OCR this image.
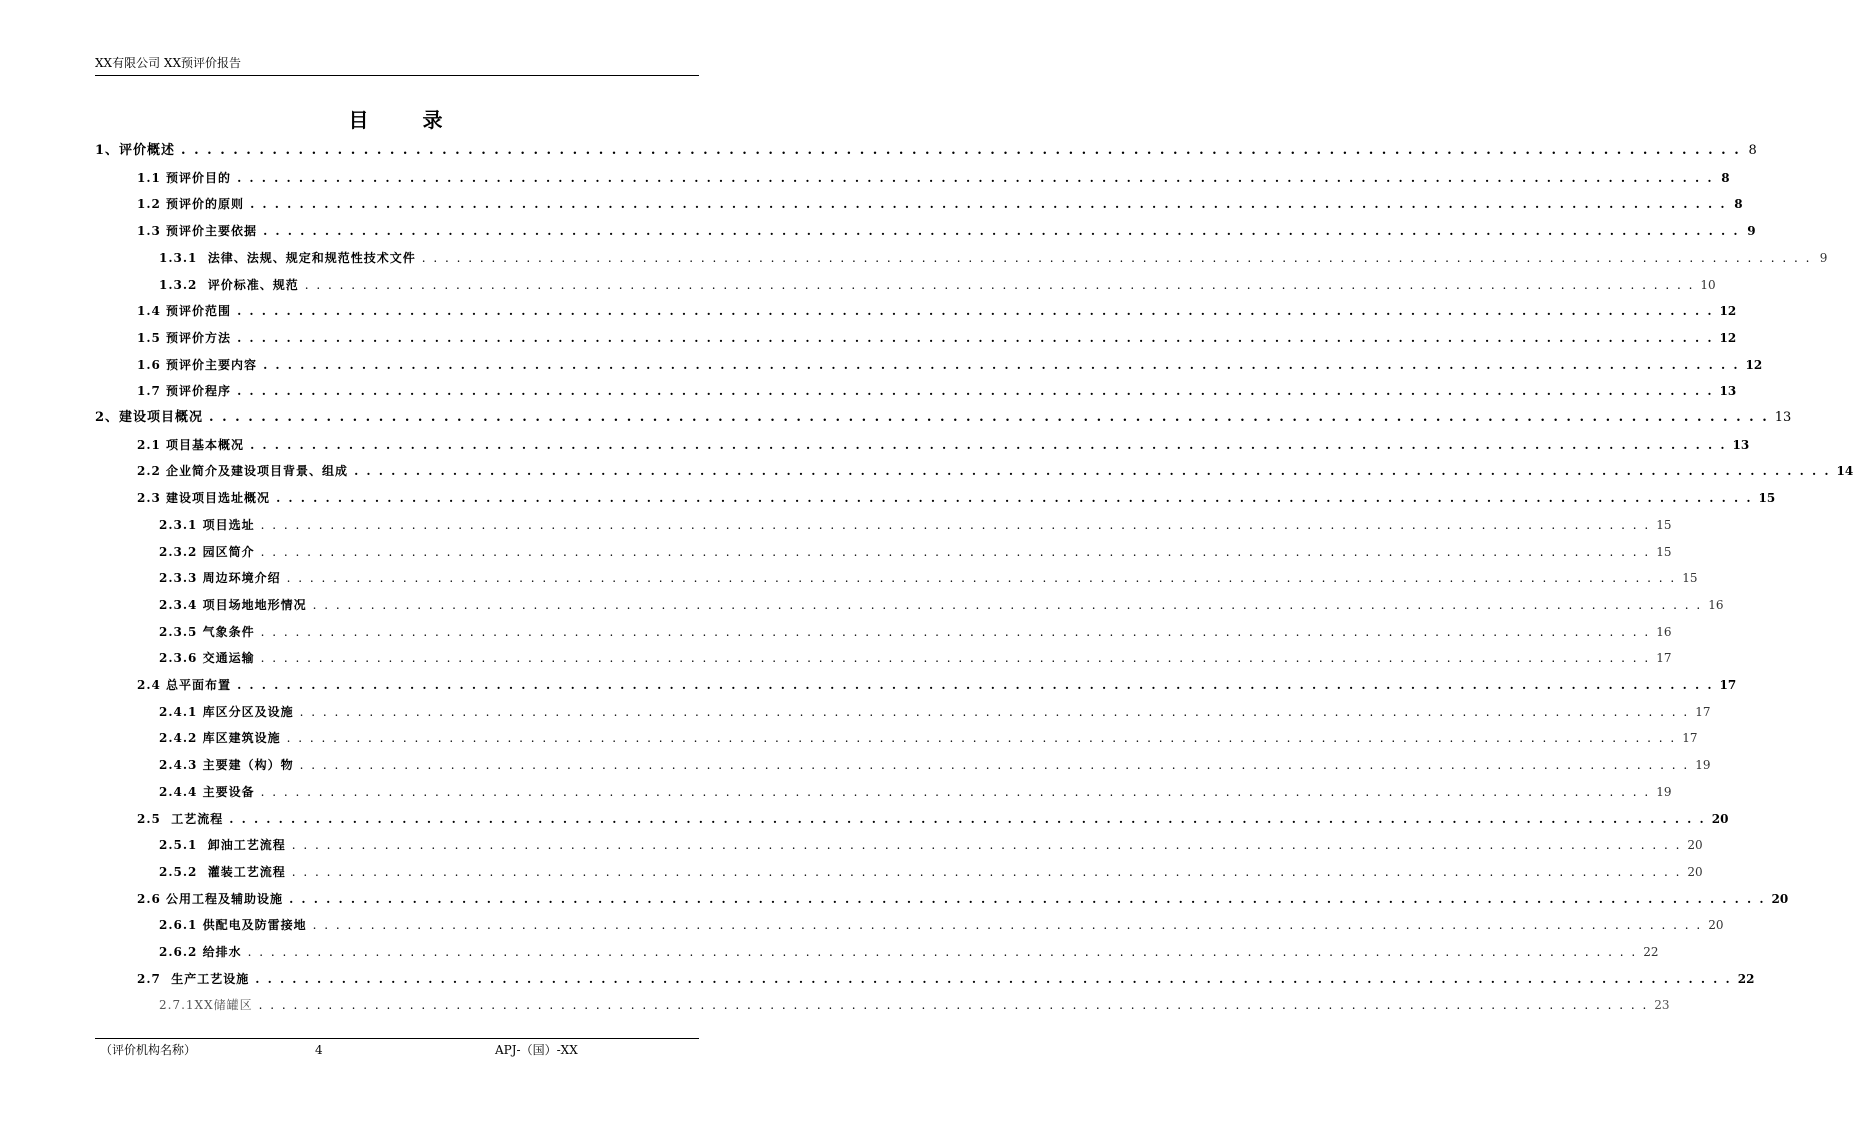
XX有限公司 XX预评价报告
目	录
1、评价概述 . . . . . . . . . . . . . . . . . . . . . . . . . . . . . . . . . . . . . . . . . . . . . . . . . . . . . . . . . . . . . . . . . . . . . . . . . . . . . . . . . . . . . . . . . . . . . . . . . . . . . . . . . . . . . . . . . . . . . . . . 8
1.1 预评价目的 . . . . . . . . . . . . . . . . . . . . . . . . . . . . . . . . . . . . . . . . . . . . . . . . . . . . . . . . . . . . . . . . . . . . . . . . . . . . . . . . . . . . . . . . . . . . . . . . . . . . . . . . . . . . . . . . . . . . . . . . 8
1.2 预评价的原则 . . . . . . . . . . . . . . . . . . . . . . . . . . . . . . . . . . . . . . . . . . . . . . . . . . . . . . . . . . . . . . . . . . . . . . . . . . . . . . . . . . . . . . . . . . . . . . . . . . . . . . . . . . . . . . . . . . . . . . . . 8
1.3 预评价主要依据 . . . . . . . . . . . . . . . . . . . . . . . . . . . . . . . . . . . . . . . . . . . . . . . . . . . . . . . . . . . . . . . . . . . . . . . . . . . . . . . . . . . . . . . . . . . . . . . . . . . . . . . . . . . . . . . . . . . . . . . . 9
1.3.1  法律、法规、规定和规范性技术文件 . . . . . . . . . . . . . . . . . . . . . . . . . . . . . . . . . . . . . . . . . . . . . . . . . . . . . . . . . . . . . . . . . . . . . . . . . . . . . . . . . . . . . . . . . . . . . . . . . . . . . . . . . . . . . . . . . . . . . . . . 9
1.3.2  评价标准、规范 . . . . . . . . . . . . . . . . . . . . . . . . . . . . . . . . . . . . . . . . . . . . . . . . . . . . . . . . . . . . . . . . . . . . . . . . . . . . . . . . . . . . . . . . . . . . . . . . . . . . . . . . . . . . . . . . . . . . . . . . 10
1.4 预评价范围 . . . . . . . . . . . . . . . . . . . . . . . . . . . . . . . . . . . . . . . . . . . . . . . . . . . . . . . . . . . . . . . . . . . . . . . . . . . . . . . . . . . . . . . . . . . . . . . . . . . . . . . . . . . . . . . . . . . . . . . . 12
1.5 预评价方法 . . . . . . . . . . . . . . . . . . . . . . . . . . . . . . . . . . . . . . . . . . . . . . . . . . . . . . . . . . . . . . . . . . . . . . . . . . . . . . . . . . . . . . . . . . . . . . . . . . . . . . . . . . . . . . . . . . . . . . . . 12
1.6 预评价主要内容 . . . . . . . . . . . . . . . . . . . . . . . . . . . . . . . . . . . . . . . . . . . . . . . . . . . . . . . . . . . . . . . . . . . . . . . . . . . . . . . . . . . . . . . . . . . . . . . . . . . . . . . . . . . . . . . . . . . . . . . . 12
1.7 预评价程序 . . . . . . . . . . . . . . . . . . . . . . . . . . . . . . . . . . . . . . . . . . . . . . . . . . . . . . . . . . . . . . . . . . . . . . . . . . . . . . . . . . . . . . . . . . . . . . . . . . . . . . . . . . . . . . . . . . . . . . . . 13
2、建设项目概况 . . . . . . . . . . . . . . . . . . . . . . . . . . . . . . . . . . . . . . . . . . . . . . . . . . . . . . . . . . . . . . . . . . . . . . . . . . . . . . . . . . . . . . . . . . . . . . . . . . . . . . . . . . . . . . . . . . . . . . . . 13
2.1 项目基本概况 . . . . . . . . . . . . . . . . . . . . . . . . . . . . . . . . . . . . . . . . . . . . . . . . . . . . . . . . . . . . . . . . . . . . . . . . . . . . . . . . . . . . . . . . . . . . . . . . . . . . . . . . . . . . . . . . . . . . . . . . 13
2.2 企业简介及建设项目背景、组成 . . . . . . . . . . . . . . . . . . . . . . . . . . . . . . . . . . . . . . . . . . . . . . . . . . . . . . . . . . . . . . . . . . . . . . . . . . . . . . . . . . . . . . . . . . . . . . . . . . . . . . . . . . . . . . . . . . . . . . . . 14
2.3 建设项目选址概况 . . . . . . . . . . . . . . . . . . . . . . . . . . . . . . . . . . . . . . . . . . . . . . . . . . . . . . . . . . . . . . . . . . . . . . . . . . . . . . . . . . . . . . . . . . . . . . . . . . . . . . . . . . . . . . . . . . . . . . . . 15
2.3.1 项目选址 . . . . . . . . . . . . . . . . . . . . . . . . . . . . . . . . . . . . . . . . . . . . . . . . . . . . . . . . . . . . . . . . . . . . . . . . . . . . . . . . . . . . . . . . . . . . . . . . . . . . . . . . . . . . . . . . . . . . . . . . 15
2.3.2 园区简介 . . . . . . . . . . . . . . . . . . . . . . . . . . . . . . . . . . . . . . . . . . . . . . . . . . . . . . . . . . . . . . . . . . . . . . . . . . . . . . . . . . . . . . . . . . . . . . . . . . . . . . . . . . . . . . . . . . . . . . . . 15
2.3.3 周边环境介绍 . . . . . . . . . . . . . . . . . . . . . . . . . . . . . . . . . . . . . . . . . . . . . . . . . . . . . . . . . . . . . . . . . . . . . . . . . . . . . . . . . . . . . . . . . . . . . . . . . . . . . . . . . . . . . . . . . . . . . . . . 15
2.3.4 项目场地地形情况 . . . . . . . . . . . . . . . . . . . . . . . . . . . . . . . . . . . . . . . . . . . . . . . . . . . . . . . . . . . . . . . . . . . . . . . . . . . . . . . . . . . . . . . . . . . . . . . . . . . . . . . . . . . . . . . . . . . . . . . . 16
2.3.5 气象条件 . . . . . . . . . . . . . . . . . . . . . . . . . . . . . . . . . . . . . . . . . . . . . . . . . . . . . . . . . . . . . . . . . . . . . . . . . . . . . . . . . . . . . . . . . . . . . . . . . . . . . . . . . . . . . . . . . . . . . . . . 16
2.3.6 交通运输 . . . . . . . . . . . . . . . . . . . . . . . . . . . . . . . . . . . . . . . . . . . . . . . . . . . . . . . . . . . . . . . . . . . . . . . . . . . . . . . . . . . . . . . . . . . . . . . . . . . . . . . . . . . . . . . . . . . . . . . . 17
2.4 总平面布置 . . . . . . . . . . . . . . . . . . . . . . . . . . . . . . . . . . . . . . . . . . . . . . . . . . . . . . . . . . . . . . . . . . . . . . . . . . . . . . . . . . . . . . . . . . . . . . . . . . . . . . . . . . . . . . . . . . . . . . . . 17
2.4.1 库区分区及设施 . . . . . . . . . . . . . . . . . . . . . . . . . . . . . . . . . . . . . . . . . . . . . . . . . . . . . . . . . . . . . . . . . . . . . . . . . . . . . . . . . . . . . . . . . . . . . . . . . . . . . . . . . . . . . . . . . . . . . . . . 17
2.4.2 库区建筑设施 . . . . . . . . . . . . . . . . . . . . . . . . . . . . . . . . . . . . . . . . . . . . . . . . . . . . . . . . . . . . . . . . . . . . . . . . . . . . . . . . . . . . . . . . . . . . . . . . . . . . . . . . . . . . . . . . . . . . . . . . 17
2.4.3 主要建（构）物 . . . . . . . . . . . . . . . . . . . . . . . . . . . . . . . . . . . . . . . . . . . . . . . . . . . . . . . . . . . . . . . . . . . . . . . . . . . . . . . . . . . . . . . . . . . . . . . . . . . . . . . . . . . . . . . . . . . . . . . . 19
2.4.4 主要设备 . . . . . . . . . . . . . . . . . . . . . . . . . . . . . . . . . . . . . . . . . . . . . . . . . . . . . . . . . . . . . . . . . . . . . . . . . . . . . . . . . . . . . . . . . . . . . . . . . . . . . . . . . . . . . . . . . . . . . . . . 19
2.5  工艺流程 . . . . . . . . . . . . . . . . . . . . . . . . . . . . . . . . . . . . . . . . . . . . . . . . . . . . . . . . . . . . . . . . . . . . . . . . . . . . . . . . . . . . . . . . . . . . . . . . . . . . . . . . . . . . . . . . . . . . . . . . 20
2.5.1  卸油工艺流程 . . . . . . . . . . . . . . . . . . . . . . . . . . . . . . . . . . . . . . . . . . . . . . . . . . . . . . . . . . . . . . . . . . . . . . . . . . . . . . . . . . . . . . . . . . . . . . . . . . . . . . . . . . . . . . . . . . . . . . . . 20
2.5.2  灌装工艺流程 . . . . . . . . . . . . . . . . . . . . . . . . . . . . . . . . . . . . . . . . . . . . . . . . . . . . . . . . . . . . . . . . . . . . . . . . . . . . . . . . . . . . . . . . . . . . . . . . . . . . . . . . . . . . . . . . . . . . . . . . 20
2.6 公用工程及辅助设施 . . . . . . . . . . . . . . . . . . . . . . . . . . . . . . . . . . . . . . . . . . . . . . . . . . . . . . . . . . . . . . . . . . . . . . . . . . . . . . . . . . . . . . . . . . . . . . . . . . . . . . . . . . . . . . . . . . . . . . . . 20
2.6.1 供配电及防雷接地 . . . . . . . . . . . . . . . . . . . . . . . . . . . . . . . . . . . . . . . . . . . . . . . . . . . . . . . . . . . . . . . . . . . . . . . . . . . . . . . . . . . . . . . . . . . . . . . . . . . . . . . . . . . . . . . . . . . . . . . . 20
2.6.2 给排水 . . . . . . . . . . . . . . . . . . . . . . . . . . . . . . . . . . . . . . . . . . . . . . . . . . . . . . . . . . . . . . . . . . . . . . . . . . . . . . . . . . . . . . . . . . . . . . . . . . . . . . . . . . . . . . . . . . . . . . . . 22
2.7  生产工艺设施 . . . . . . . . . . . . . . . . . . . . . . . . . . . . . . . . . . . . . . . . . . . . . . . . . . . . . . . . . . . . . . . . . . . . . . . . . . . . . . . . . . . . . . . . . . . . . . . . . . . . . . . . . . . . . . . . . . . . . . . . 22
2.7.1XX储罐区 . . . . . . . . . . . . . . . . . . . . . . . . . . . . . . . . . . . . . . . . . . . . . . . . . . . . . . . . . . . . . . . . . . . . . . . . . . . . . . . . . . . . . . . . . . . . . . . . . . . . . . . . . . . . . . . . . . . . . . . . 23
（评价机构名称）	4	APJ-（国）-XX
